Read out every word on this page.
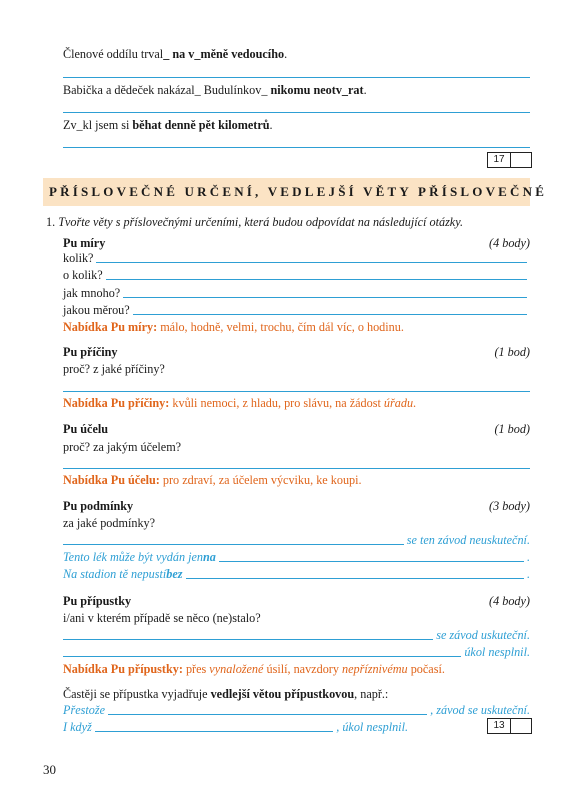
Členové oddílu trval_ na v_měně vedoucího.
Babička a dědeček nakázal_ Budulínkov_ nikomu neotv_rat.
Zv_kl jsem si běhat denně pět kilometrů.
17
PŘÍSLOVEČNÉ URČENÍ, VEDLEJŠÍ VĚTY PŘÍSLOVEČNÉ
1. Tvořte věty s příslovečnými určeními, která budou odpovídat na následující otázky.
Pu míry	(4 body)
kolik?
o kolik?
jak mnoho?
jakou měrou?
Nabídka Pu míry: málo, hodně, velmi, trochu, čím dál víc, o hodinu.
Pu příčiny	(1 bod)
proč? z jaké příčiny?
Nabídka Pu příčiny: kvůli nemoci, z hladu, pro slávu, na žádost úřadu.
Pu účelu	(1 bod)
proč? za jakým účelem?
Nabídka Pu účelu: pro zdraví, za účelem výcviku, ke koupi.
Pu podmínky	(3 body)
za jaké podmínky?
se ten závod neuskuteční.
Tento lék může být vydán jen na	.
Na stadion tě nepustí bez	.
Pu přípustky	(4 body)
i/ani v kterém případě se něco (ne)stalo?
se závod uskuteční.
úkol nesplnil.
Nabídka Pu přípustky: přes vynaložené úsilí, navzdory nepříznivému počasí.
Častěji se přípustka vyjadřuje vedlejší větou přípustkovou, např.:
Přestože	, závod se uskuteční.
I když	, úkol nesplnil.	13
30
